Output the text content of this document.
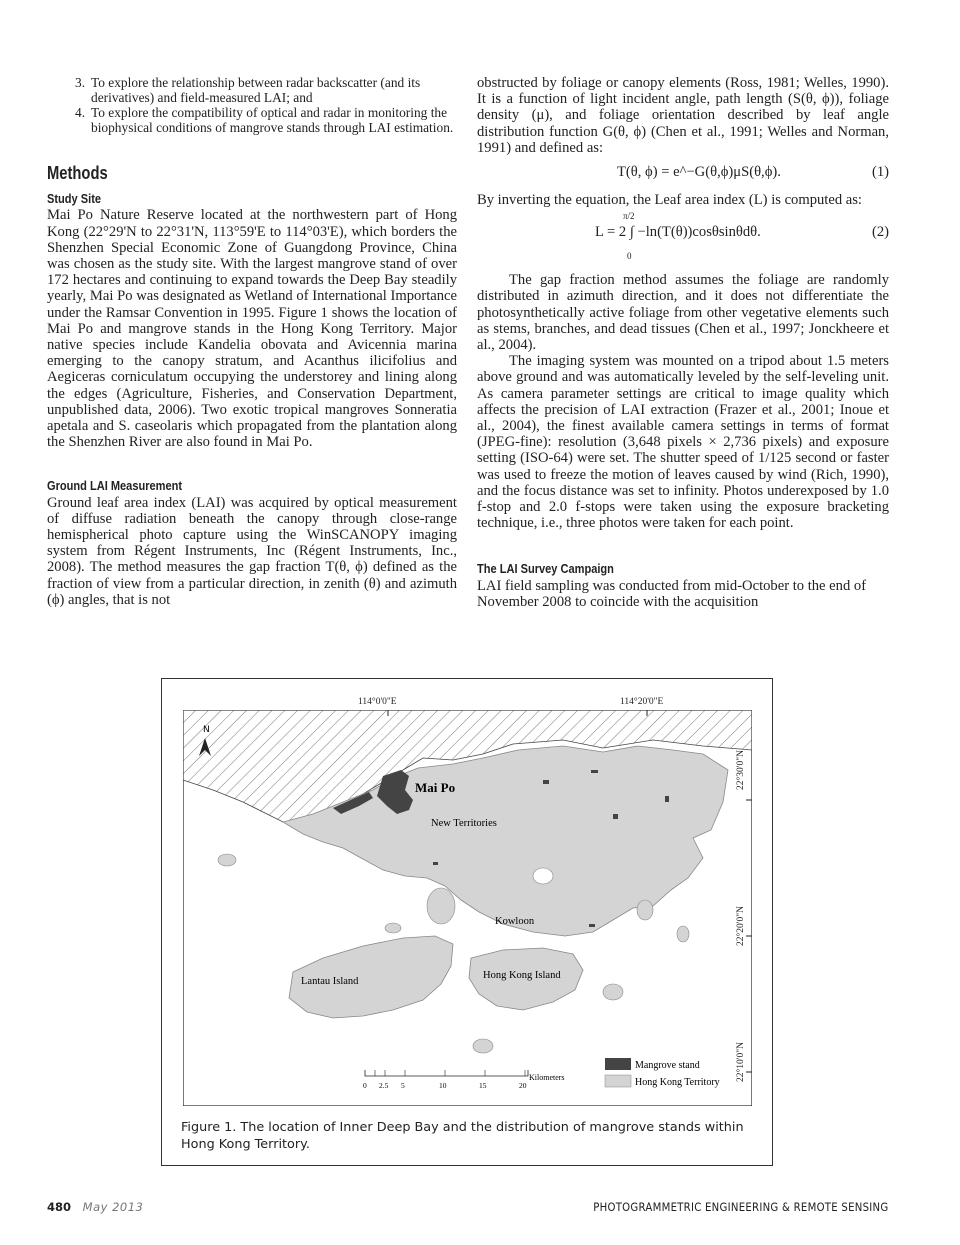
3. To explore the relationship between radar backscatter (and its derivatives) and field-measured LAI; and
4. To explore the compatibility of optical and radar in monitoring the biophysical conditions of mangrove stands through LAI estimation.

Methods

Study Site

Mai Po Nature Reserve located at the northwestern part of Hong Kong (22°29'N to 22°31'N, 113°59'E to 114°03'E), which borders the Shenzhen Special Economic Zone of Guangdong Province, China was chosen as the study site. With the largest mangrove stand of over 172 hectares and continuing to expand towards the Deep Bay steadily yearly, Mai Po was designated as Wetland of International Importance under the Ramsar Convention in 1995. Figure 1 shows the location of Mai Po and mangrove stands in the Hong Kong Territory. Major native species include Kandelia obovata and Avicennia marina emerging to the canopy stratum, and Acanthus ilicifolius and Aegiceras corniculatum occupying the understorey and lining along the edges (Agriculture, Fisheries, and Conservation Department, unpublished data, 2006). Two exotic tropical mangroves Sonneratia apetala and S. caseolaris which propagated from the plantation along the Shenzhen River are also found in Mai Po.

Ground LAI Measurement

Ground leaf area index (LAI) was acquired by optical measurement of diffuse radiation beneath the canopy through close-range hemispherical photo capture using the WinSCANOPY imaging system from Régent Instruments, Inc (Régent Instruments, Inc., 2008). The method measures the gap fraction T(θ, ϕ) defined as the fraction of view from a particular direction, in zenith (θ) and azimuth (ϕ) angles, that is not

obstructed by foliage or canopy elements (Ross, 1981; Welles, 1990). It is a function of light incident angle, path length (S(θ, ϕ)), foliage density (μ), and foliage orientation described by leaf angle distribution function G(θ, ϕ) (Chen et al., 1991; Welles and Norman, 1991) and defined as:

T(θ, ϕ) = e^−G(θ,ϕ)μS(θ,ϕ).	(1)

By inverting the equation, the Leaf area index (L) is computed as:

π/2
L = 2 ∫ −ln(T(θ))cosθsinθdθ.
0
(2)

The gap fraction method assumes the foliage are randomly distributed in azimuth direction, and it does not differentiate the photosynthetically active foliage from other vegetative elements such as stems, branches, and dead tissues (Chen et al., 1997; Jonckheere et al., 2004).

The imaging system was mounted on a tripod about 1.5 meters above ground and was automatically leveled by the self-leveling unit. As camera parameter settings are critical to image quality which affects the precision of LAI extraction (Frazer et al., 2001; Inoue et al., 2004), the finest available camera settings in terms of format (JPEG-fine): resolution (3,648 pixels × 2,736 pixels) and exposure setting (ISO-64) were set. The shutter speed of 1/125 second or faster was used to freeze the motion of leaves caused by wind (Rich, 1990), and the focus distance was set to infinity. Photos underexposed by 1.0 f-stop and 2.0 f-stops were taken using the exposure bracketing technique, i.e., three photos were taken for each point.

The LAI Survey Campaign

LAI field sampling was conducted from mid-October to the end of November 2008 to coincide with the acquisition

N
Mai Po
New Territories
Kowloon
Hong Kong Island
Lantau Island
0 2.5 5	10	15	20
Kilometers
Mangrove stand
Hong Kong Territory
114°0'0"E	114°20'0"E
22°30'0"N
22°20'0"N
22°10'0"N
Figure 1. The location of Inner Deep Bay and the distribution of mangrove stands within Hong Kong Territory.
480 May 2013	PHOTOGRAMMETRIC ENGINEERING & REMOTE SENSING
